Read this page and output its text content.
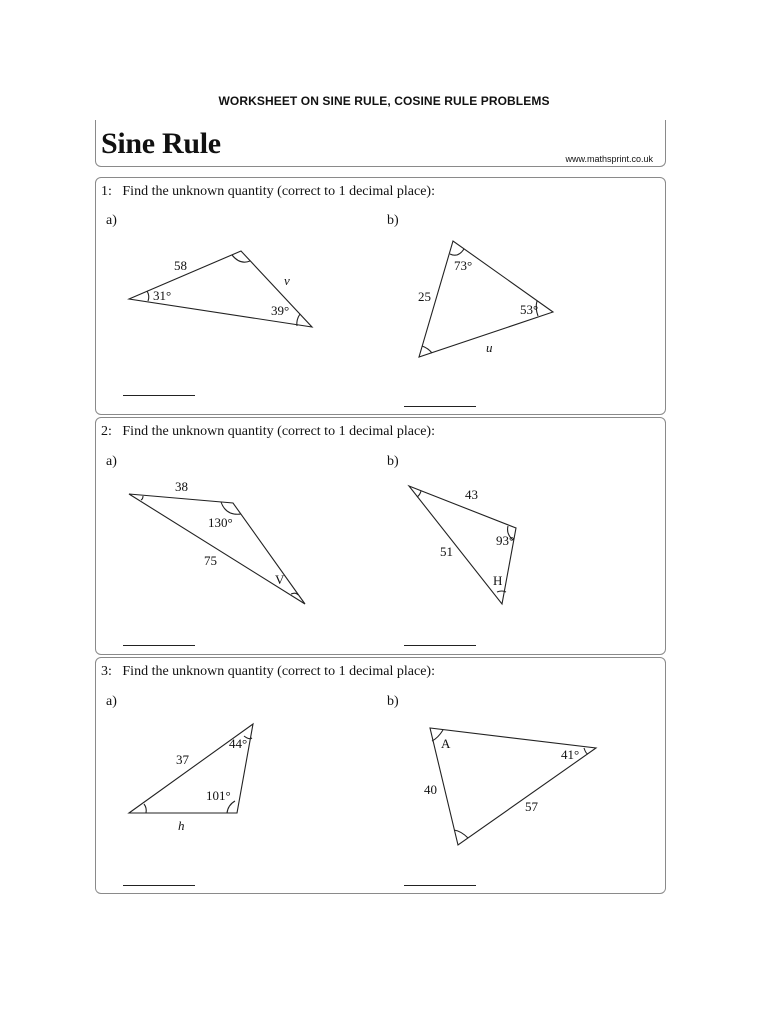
WORKSHEET ON SINE RULE, COSINE RULE PROBLEMS
Sine Rule	www.mathsprint.co.uk
1:   Find the unknown quantity (correct to 1 decimal place):
a)	b)
2:   Find the unknown quantity (correct to 1 decimal place):
a)	b)
3:   Find the unknown quantity (correct to 1 decimal place):
a)	b)
58
31°
39°
v
73°
25
53°
u
38
130°
75
V
43
93°
51
H
37
44°
101°
h
A
41°
40
57
